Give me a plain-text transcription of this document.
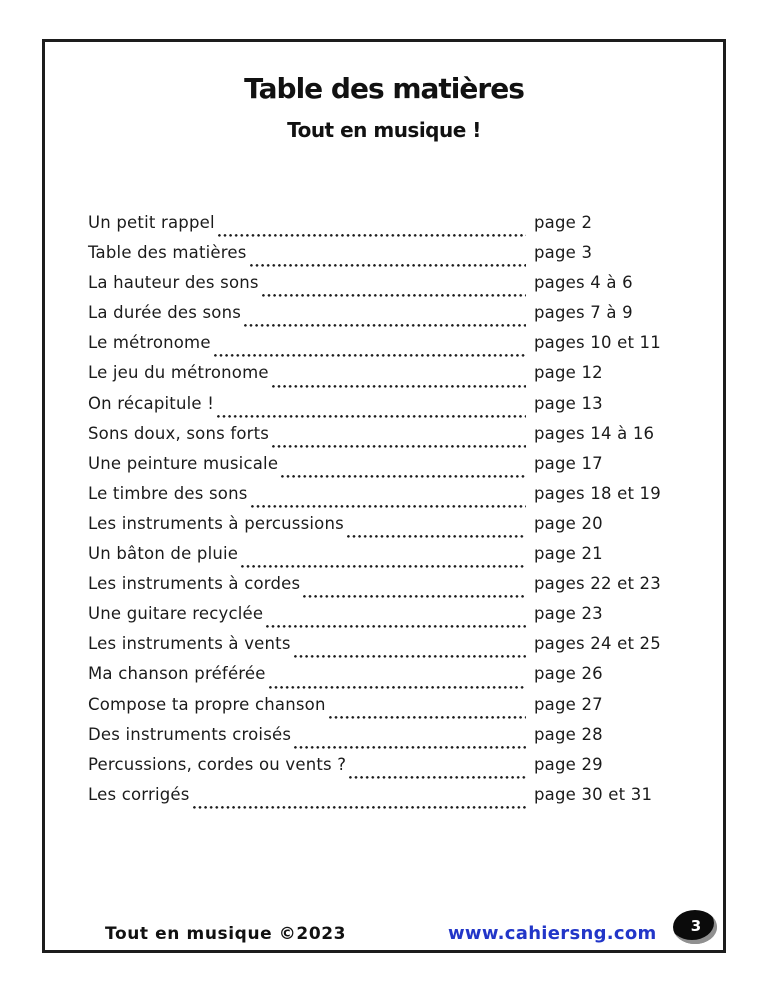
Table des matières
Tout en musique !
Un petit rappel	page 2
Table des matières	page 3
La hauteur des sons	pages 4 à 6
La durée des sons	pages 7 à 9
Le métronome	pages 10 et 11
Le jeu du métronome	page 12
On récapitule !	page 13
Sons doux, sons forts	pages 14 à 16
Une peinture musicale	page 17
Le timbre des sons	pages 18 et 19
Les instruments à percussions	page 20
Un bâton de pluie	page 21
Les instruments à cordes	pages 22 et 23
Une guitare recyclée	page 23
Les instruments à vents	pages 24 et 25
Ma chanson préférée	page 26
Compose ta propre chanson	page 27
Des instruments croisés	page 28
Percussions, cordes ou vents ?	page 29
Les corrigés	page 30 et 31
Tout en musique ©2023	www.cahiersng.com 3
